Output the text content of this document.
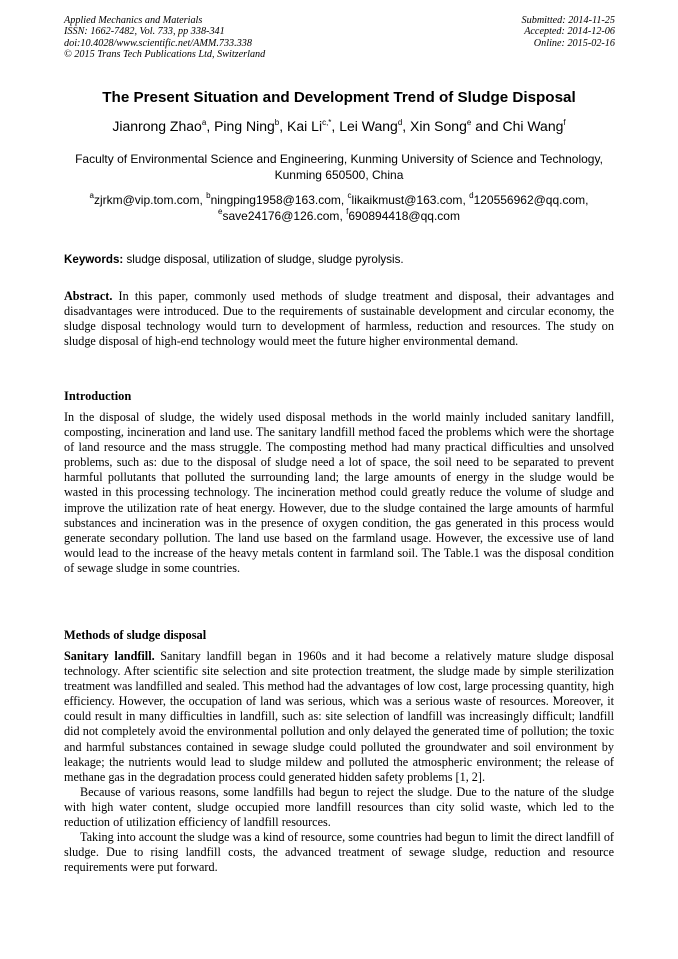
Applied Mechanics and Materials
ISSN: 1662-7482, Vol. 733, pp 338-341
doi:10.4028/www.scientific.net/AMM.733.338
© 2015 Trans Tech Publications Ltd, Switzerland
Submitted: 2014-11-25
Accepted: 2014-12-06
Online: 2015-02-16
The Present Situation and Development Trend of Sludge Disposal
Jianrong Zhao$^a$, Ping Ning$^b$, Kai $Li^{c,*}$, Lei Wang$^d$, Xin Song$^e$ and Chi Wang$^f$
Faculty of Environmental Science and Engineering, Kunming University of Science and Technology, Kunming 650500, China
$^a$zjrkm@vip.tom.com, $^b$ningping1958@163.com, $^c$likaikmust@163.com, $^d$120556962@qq.com,
$^e$save24176@126.com, $^f$690894418@qq.com
Keywords: sludge disposal, utilization of sludge, sludge pyrolysis.

Abstract. In this paper, commonly used methods of sludge treatment and disposal, their advantages and disadvantages were introduced. Due to the requirements of sustainable development and circular economy, the sludge disposal technology would turn to development of harmless, reduction and resources. The study on sludge disposal of high-end technology would meet the future higher environmental demand.

Introduction

In the disposal of sludge, the widely used disposal methods in the world mainly included sanitary landfill, composting, incineration and land use. The sanitary landfill method faced the problems which were the shortage of land resource and the mass struggle. The composting method had many practical difficulties and unsolved problems, such as: due to the disposal of sludge need a lot of space, the soil need to be separated to prevent harmful pollutants that polluted the surrounding land; the large amounts of energy in the sludge would be wasted in this processing technology. The incineration method could greatly reduce the volume of sludge and improve the utilization rate of heat energy. However, due to the sludge contained the large amounts of harmful substances and incineration was in the presence of oxygen condition, the gas generated in this process would generate secondary pollution. The land use based on the farmland usage. However, the excessive use of land would lead to the increase of the heavy metals content in farmland soil. The Table.1 was the disposal condition of sewage sludge in some countries.

Methods of sludge disposal

Sanitary landfill. Sanitary landfill began in 1960s and it had become a relatively mature sludge disposal technology. After scientific site selection and site protection treatment, the sludge made by simple sterilization treatment was landfilled and sealed. This method had the advantages of low cost, large processing quantity, high efficiency. However, the occupation of land was serious, which was a serious waste of resources. Moreover, it could result in many difficulties in landfill, such as: site selection of landfill was increasingly difficult; landfill did not completely avoid the environmental pollution and only delayed the generated time of pollution; the toxic and harmful substances contained in sewage sludge could polluted the groundwater and soil environment by leakage; the nutrients would lead to sludge mildew and polluted the atmospheric environment; the release of methane gas in the degradation process could generated hidden safety problems [1, 2].

Because of various reasons, some landfills had begun to reject the sludge. Due to the nature of the sludge with high water content, sludge occupied more landfill resources than city solid waste, which led to the reduction of utilization efficiency of landfill resources.

Taking into account the sludge was a kind of resource, some countries had begun to limit the direct landfill of sludge. Due to rising landfill costs, the advanced treatment of sewage sludge, reduction and resource requirements were put forward.
